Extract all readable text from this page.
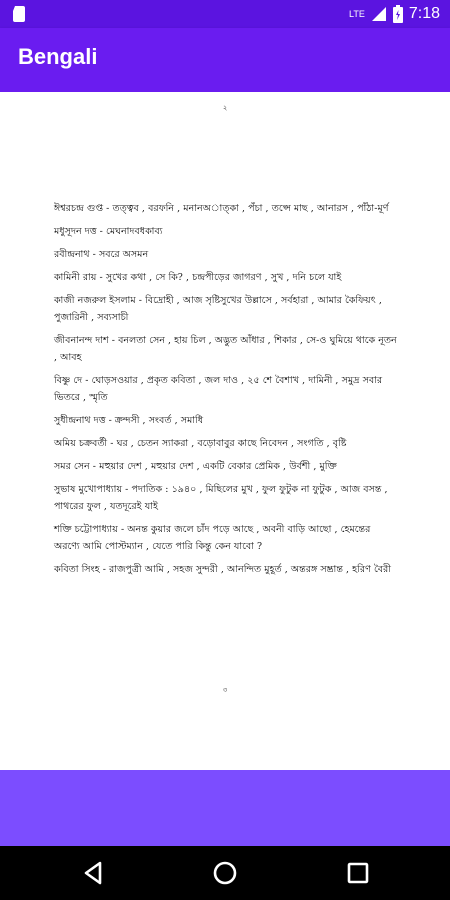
LTE	7:18
Bengali
২
ঈশ্বরচন্দ্র গুপ্ত - তত্ত্বব , বরফনি , মনানঅাত্কা , পঁচা , তপ্সে মাছ , আনারস , পাঁঠা-মূর্ণ
মধুসূদন দত্ত - মেঘনাদবধকাব্য
রবীন্দ্রনাথ - সবরে অসমন
কামিনী রায় - সুখের কথা , সে কি? , চন্দ্রপীড়ের জাগরণ , সুখ , দনি চলে যাই
কাজী নজরুল ইসলাম - বিদ্রোহী , আজ সৃষ্টিসুখের উল্লাসে , সর্বহারা , আমার কৈফিয়ৎ , পুজারিনী , সব্যসাচী
জীবনানন্দ দাশ - বনলতা সেন , হায় চিল , অদ্ভুত আঁধার , শিকার , সে-ও ঘুমিয়ে থাকে নূতন , আবহ
বিষ্ণু দে - ঘোড়সওয়ার , প্রকৃত কবিতা , জল দাও , ২৫ শে বৈশাখ , দামিনী , সমুদ্র সবার ভিতরে , স্মৃতি
সুধীন্দ্রনাথ দত্ত - ক্রন্দসী , সংবর্ত , সমাধি
অমিয় চক্রবর্তী - ঘর , চেতন স্যাকরা , বড়োবাবুর কাছে নিবেদন , সংগতি , বৃষ্টি
সমর সেন - মহুয়ার দেশ , মহুয়ার দেশ , একটি বেকার প্রেমিক , উর্বশী , মুক্তি
সুভাষ মুখোপাধ্যায় - পদাতিক : ১৯৪০ , মিছিলের মুখ , ফুল ফুটুক না ফুটুক , আজ বসন্ত , পাথরের ফুল , যতদূরেই যাই
শক্তি চট্টোপাধ্যায় - অনন্ত কুয়ার জলে চাঁদ পড়ে আছে , অবনী বাড়ি আছো , হেমন্তের অরণ্যে আমি পোস্টম্যান , যেতে পারি কিন্তু কেন যাবো ?
কবিতা সিংহ - রাজপুত্রী আমি , সহজ সুন্দরী , আনন্দিত মুহূর্ত , অন্তরঙ্গ সম্ভ্রান্ত , হরিণ বৈরী
৩
